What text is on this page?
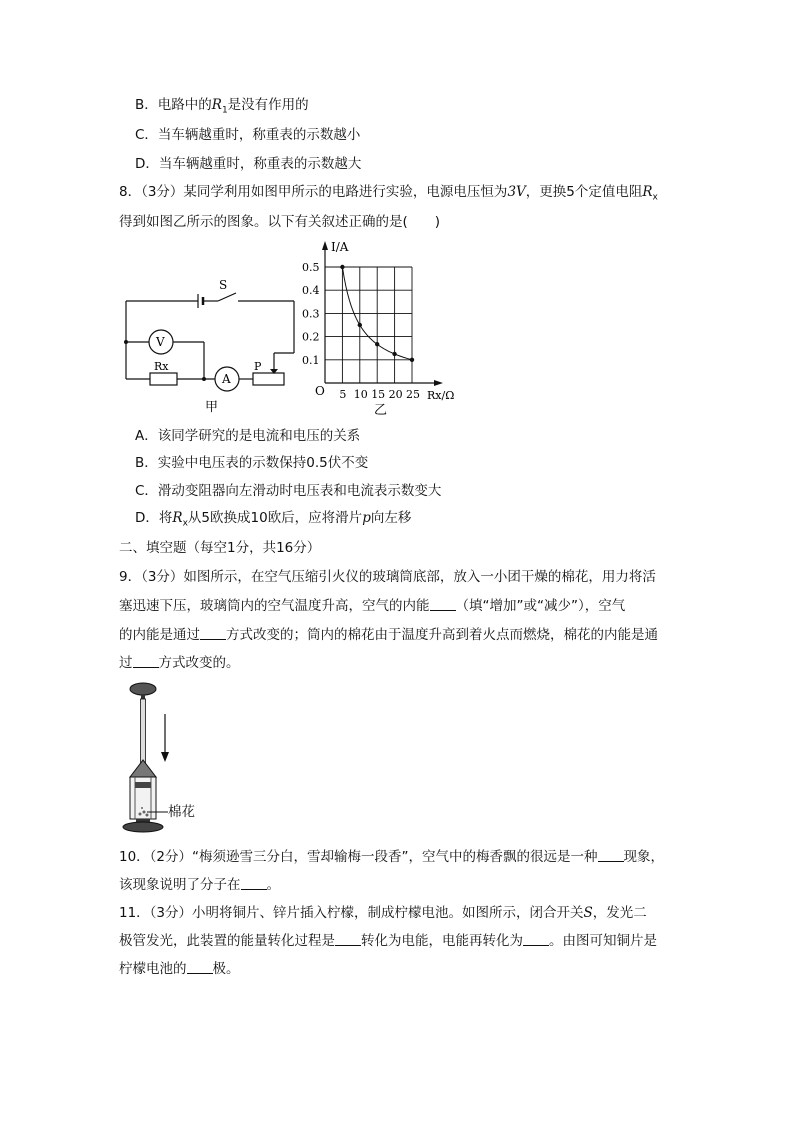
B．电路中的$R_1$是没有作用的
C．当车辆越重时，称重表的示数越小
D．当车辆越重时，称重表的示数越大
8．（3分）某同学利用如图甲所示的电路进行实验，电源电压恒为3V，更换5个定值电阻$R_x$
得到如图乙所示的图象。以下有关叙述正确的是(　　)
S
V
A
Rx	P
甲
5 10 15 20 25
0.1
0.2
0.3
0.4
0.5
I/A
Rx/Ω
O
乙
A．该同学研究的是电流和电压的关系
B．实验中电压表的示数保持0.5伏不变
C．滑动变阻器向左滑动时电压表和电流表示数变大
D．将$R_x$从5欧换成10欧后，应将滑片p向左移
二、填空题（每空1分，共16分）
9．（3分）如图所示，在空气压缩引火仪的玻璃筒底部，放入一小团干燥的棉花，用力将活
塞迅速下压，玻璃筒内的空气温度升高，空气的内能 （填“增加”或“减少”），空气
的内能是通过 方式改变的；筒内的棉花由于温度升高到着火点而燃烧，棉花的内能是通
过 方式改变的。
棉花
10．（2分）“梅须逊雪三分白，雪却输梅一段香”，空气中的梅香飘的很远是一种 现象，
该现象说明了分子在 。
11．（3分）小明将铜片、锌片插入柠檬，制成柠檬电池。如图所示，闭合开关S，发光二
极管发光，此装置的能量转化过程是 转化为电能，电能再转化为 。由图可知铜片是
柠檬电池的 极。
